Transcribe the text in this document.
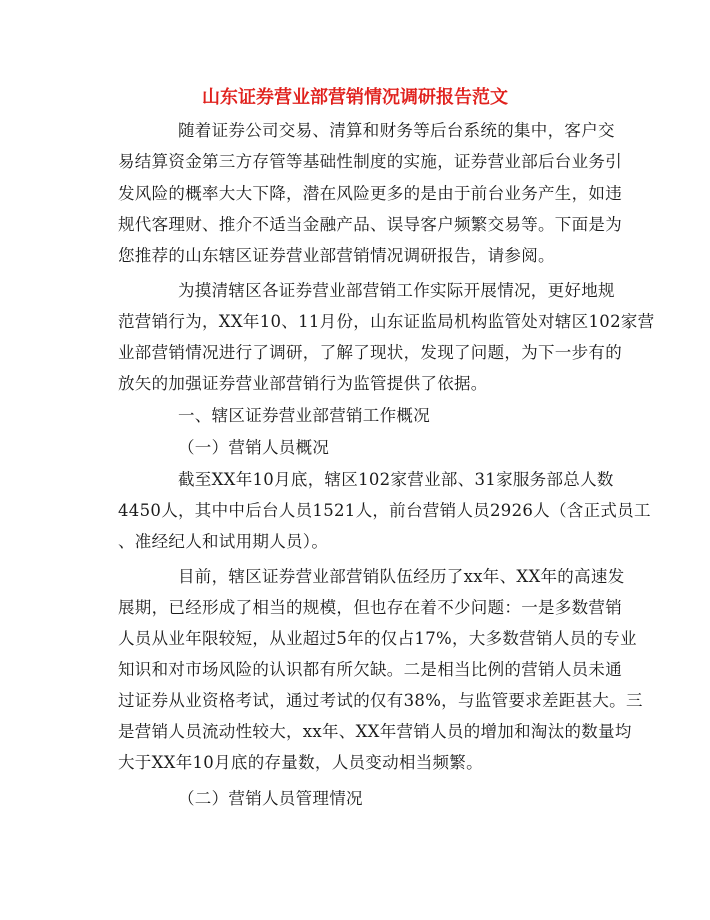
山东证券营业部营销情况调研报告范文
随着证券公司交易、清算和财务等后台系统的集中，客户交
易结算资金第三方存管等基础性制度的实施，证券营业部后台业务引
发风险的概率大大下降，潜在风险更多的是由于前台业务产生，如违
规代客理财、推介不适当金融产品、误导客户频繁交易等。下面是为
您推荐的山东辖区证券营业部营销情况调研报告，请参阅。
为摸清辖区各证券营业部营销工作实际开展情况，更好地规
范营销行为，XX年10、11月份，山东证监局机构监管处对辖区102家营
业部营销情况进行了调研，了解了现状，发现了问题，为下一步有的
放矢的加强证券营业部营销行为监管提供了依据。
一、辖区证券营业部营销工作概况
（一）营销人员概况
截至XX年10月底，辖区102家营业部、31家服务部总人数
4450人，其中中后台人员1521人，前台营销人员2926人（含正式员工
、准经纪人和试用期人员）。
目前，辖区证券营业部营销队伍经历了xx年、XX年的高速发
展期，已经形成了相当的规模，但也存在着不少问题：一是多数营销
人员从业年限较短，从业超过5年的仅占17%，大多数营销人员的专业
知识和对市场风险的认识都有所欠缺。二是相当比例的营销人员未通
过证券从业资格考试，通过考试的仅有38%，与监管要求差距甚大。三
是营销人员流动性较大，xx年、XX年营销人员的增加和淘汰的数量均
大于XX年10月底的存量数，人员变动相当频繁。
（二）营销人员管理情况
